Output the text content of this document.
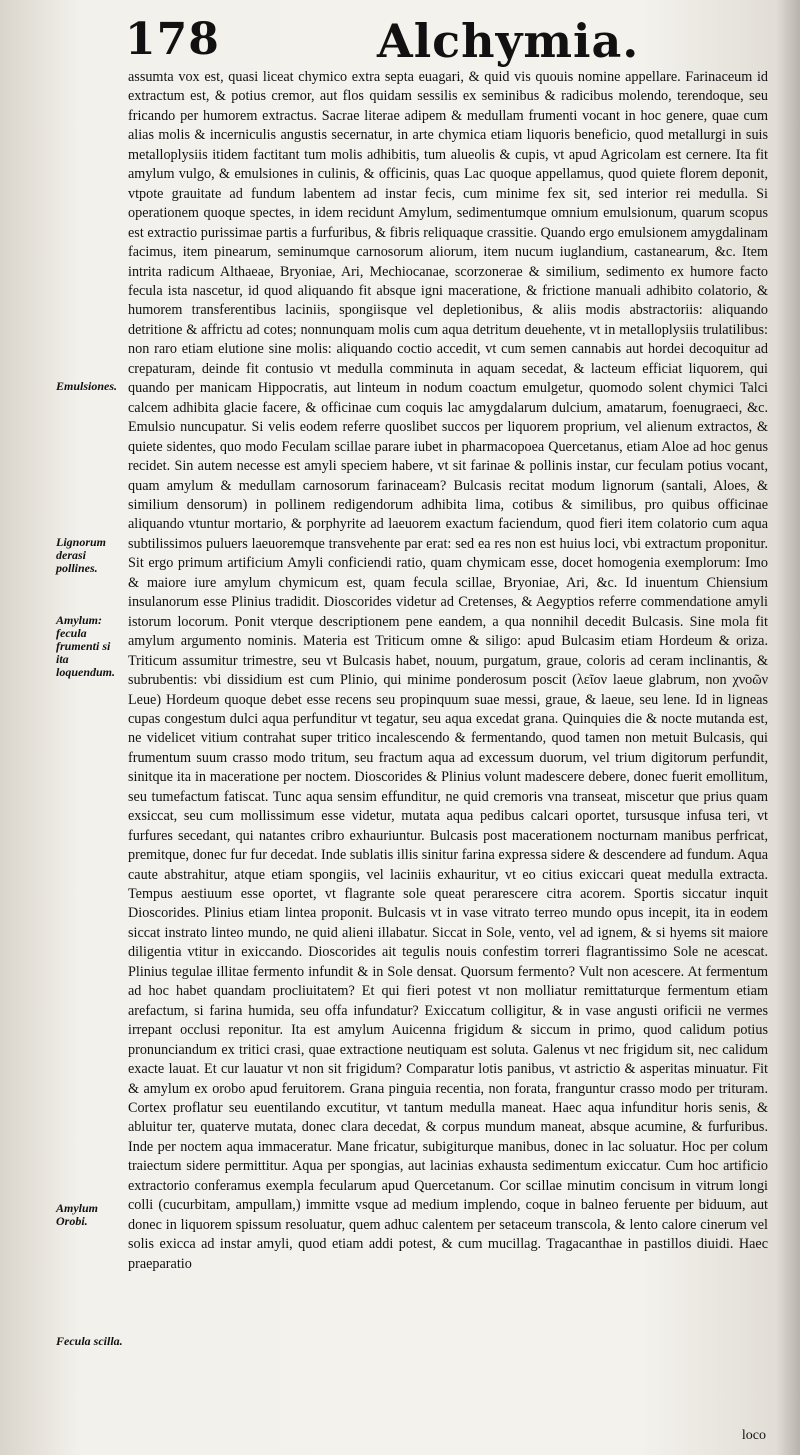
178	Alchymia.
Emulsiones.
Lignorum derasi pollines.
Amylum: fecula frumenti si ita loquendum.
Amylum Orobi.
Fecula scilla.

assumta vox est, quasi liceat chymico extra septa euagari, & quid vis quouis nomine appellare. Farinaceum id extractum est, & potius cremor, aut flos quidam sessilis ex seminibus & radicibus molendo, terendoque, seu fricando per humorem extractus. Sacrae literae adipem & medullam frumenti vocant in hoc genere, quae cum alias molis & incerniculis angustis secernatur, in arte chymica etiam liquoris beneficio, quod metallurgi in suis metalloplysiis itidem factitant tum molis adhibitis, tum alueolis & cupis, vt apud Agricolam est cernere. Ita fit amylum vulgo, & emulsiones in culinis, & officinis, quas Lac quoque appellamus, quod quiete florem deponit, vtpote grauitate ad fundum labentem ad instar fecis, cum minime fex sit, sed interior rei medulla. Si operationem quoque spectes, in idem recidunt Amylum, sedimentumque omnium emulsionum, quarum scopus est extractio purissimae partis a furfuribus, & fibris reliquaque crassitie. Quando ergo emulsionem amygdalinam facimus, item pinearum, seminumque carnosorum aliorum, item nucum iuglandium, castanearum, &c. Item intrita radicum Althaeae, Bryoniae, Ari, Mechiocanae, scorzonerae & similium, sedimento ex humore facto fecula ista nascetur, id quod aliquando fit absque igni maceratione, & frictione manuali adhibito colatorio, & humorem transferentibus laciniis, spongiisque vel depletionibus, & aliis modis abstractoriis: aliquando detritione & affrictu ad cotes; nonnunquam molis cum aqua detritum deuehente, vt in metalloplysiis trulatilibus: non raro etiam elutione sine molis: aliquando coctio accedit, vt cum semen cannabis aut hordei decoquitur ad crepaturam, deinde fit contusio vt medulla comminuta in aquam secedat, & lacteum efficiat liquorem, qui quando per manicam Hippocratis, aut linteum in nodum coactum emulgetur, quomodo solent chymici Talci calcem adhibita glacie facere, & officinae cum coquis lac amygdalarum dulcium, amatarum, foenugraeci, &c. Emulsio nuncupatur. Si velis eodem referre quoslibet succos per liquorem proprium, vel alienum extractos, & quiete sidentes, quo modo Feculam scillae parare iubet in pharmacopoea Quercetanus, etiam Aloe ad hoc genus recidet. Sin autem necesse est amyli speciem habere, vt sit farinae & pollinis instar, cur feculam potius vocant, quam amylum & medullam carnosorum farinaceam? Bulcasis recitat modum lignorum (santali, Aloes, & similium densorum) in pollinem redigendorum adhibita lima, cotibus & similibus, pro quibus officinae aliquando vtuntur mortario, & porphyrite ad laeuorem exactum faciendum, quod fieri item colatorio cum aqua subtilissimos puluers laeuoremque transvehente par erat: sed ea res non est huius loci, vbi extractum proponitur. Sit ergo primum artificium Amyli conficiendi ratio, quam chymicam esse, docet homogenia exemplorum: Imo & maiore iure amylum chymicum est, quam fecula scillae, Bryoniae, Ari, &c. Id inuentum Chiensium insulanorum esse Plinius tradidit. Dioscorides videtur ad Cretenses, & Aegyptios referre commendatione amyli istorum locorum. Ponit vterque descriptionem pene eandem, a qua nonnihil decedit Bulcasis. Sine mola fit amylum argumento nominis. Materia est Triticum omne & siligo: apud Bulcasim etiam Hordeum & oriza. Triticum assumitur trimestre, seu vt Bulcasis habet, nouum, purgatum, graue, coloris ad ceram inclinantis, & subrubentis: vbi dissidium est cum Plinio, qui minime ponderosum poscit (λεῖον laeue glabrum, non χνοῶν Leue) Hordeum quoque debet esse recens seu propinquum suae messi, graue, & laeue, seu lene. Id in ligneas cupas congestum dulci aqua perfunditur vt tegatur, seu aqua excedat grana. Quinquies die & nocte mutanda est, ne videlicet vitium contrahat super tritico incalescendo & fermentando, quod tamen non metuit Bulcasis, qui frumentum suum crasso modo tritum, seu fractum aqua ad excessum duorum, vel trium digitorum perfundit, sinitque ita in maceratione per noctem. Dioscorides & Plinius volunt madescere debere, donec fuerit emollitum, seu tumefactum fatiscat. Tunc aqua sensim effunditur, ne quid cremoris vna transeat, miscetur que prius quam exsiccat, seu cum mollissimum esse videtur, mutata aqua pedibus calcari oportet, tursusque infusa teri, vt furfures secedant, qui natantes cribro exhauriuntur. Bulcasis post macerationem nocturnam manibus perfricat, premitque, donec fur fur decedat. Inde sublatis illis sinitur farina expressa sidere & descendere ad fundum. Aqua caute abstrahitur, atque etiam spongiis, vel laciniis exhauritur, vt eo citius exiccari queat medulla extracta. Tempus aestiuum esse oportet, vt flagrante sole queat perarescere citra acorem. Sportis siccatur inquit Dioscorides. Plinius etiam lintea proponit. Bulcasis vt in vase vitrato terreo mundo opus incepit, ita in eodem siccat instrato linteo mundo, ne quid alieni illabatur. Siccat in Sole, vento, vel ad ignem, & si hyems sit maiore diligentia vtitur in exiccando. Dioscorides ait tegulis nouis confestim torreri flagrantissimo Sole ne acescat. Plinius tegulae illitae fermento infundit & in Sole densat. Quorsum fermento? Vult non acescere. At fermentum ad hoc habet quandam procliuitatem? Et qui fieri potest vt non molliatur remittaturque fermentum etiam arefactum, si farina humida, seu offa infundatur? Exiccatum colligitur, & in vase angusti orificii ne vermes irrepant occlusi reponitur. Ita est amylum Auicenna frigidum & siccum in primo, quod calidum potius pronunciandum ex tritici crasi, quae extractione neutiquam est soluta. Galenus vt nec frigidum sit, nec calidum exacte lauat. Et cur lauatur vt non sit frigidum? Comparatur lotis panibus, vt astrictio & asperitas minuatur. Fit & amylum ex orobo apud feruitorem. Grana pinguia recentia, non forata, franguntur crasso modo per trituram. Cortex proflatur seu euentilando excutitur, vt tantum medulla maneat. Haec aqua infunditur horis senis, & abluitur ter, quaterve mutata, donec clara decedat, & corpus mundum maneat, absque acumine, & furfuribus. Inde per noctem aqua immaceratur. Mane fricatur, subigiturque manibus, donec in lac soluatur. Hoc per colum traiectum sidere permittitur. Aqua per spongias, aut lacinias exhausta sedimentum exiccatur. Cum hoc artificio extractorio conferamus exempla fecularum apud Quercetanum. Cor scillae minutim concisum in vitrum longi colli (cucurbitam, ampullam,) immitte vsque ad medium implendo, coque in balneo feruente per biduum, aut donec in liquorem spissum resoluatur, quem adhuc calentem per setaceum transcola, & lento calore cinerum vel solis exicca ad instar amyli, quod etiam addi potest, & cum mucillag. Tragacanthae in pastillos diuidi. Haec praeparatio

loco
